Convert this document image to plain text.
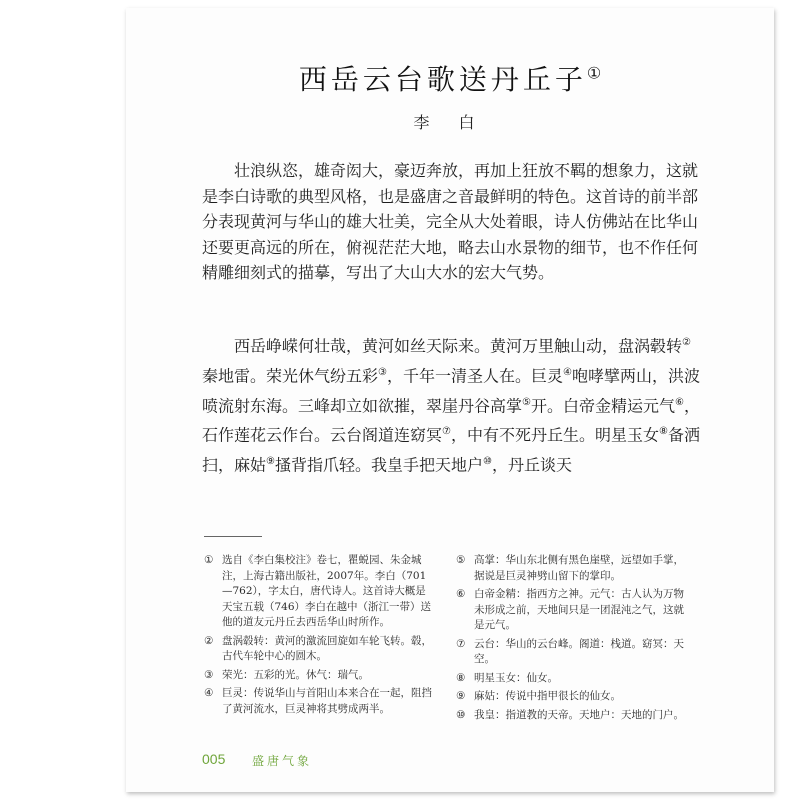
西岳云台歌送丹丘子①
李 白

壮浪纵恣，雄奇闳大，豪迈奔放，再加上狂放不羁的想象力，这就是李白诗歌的典型风格，也是盛唐之音最鲜明的特色。这首诗的前半部分表现黄河与华山的雄大壮美，完全从大处着眼，诗人仿佛站在比华山还要更高远的所在，俯视茫茫大地，略去山水景物的细节，也不作任何精雕细刻式的描摹，写出了大山大水的宏大气势。

西岳峥嵘何壮哉，黄河如丝天际来。黄河万里触山动，盘涡毂转②秦地雷。荣光休气纷五彩③，千年一清圣人在。巨灵④咆哮擘两山，洪波喷流射东海。三峰却立如欲摧，翠崖丹谷高掌⑤开。白帝金精运元气⑥，石作莲花云作台。云台阁道连窈冥⑦，中有不死丹丘生。明星玉女⑧备洒扫，麻姑⑨搔背指爪轻。我皇手把天地户⑩，丹丘谈天

① 选自《李白集校注》卷七，瞿蜕园、朱金城注，上海古籍出版社，2007年。李白（701—762），字太白，唐代诗人。这首诗大概是天宝五载（746）李白在越中（浙江一带）送他的道友元丹丘去西岳华山时所作。
② 盘涡毂转：黄河的激流回旋如车轮飞转。毂，古代车轮中心的圆木。
③ 荣光：五彩的光。休气：瑞气。
④ 巨灵：传说华山与首阳山本来合在一起，阻挡了黄河流水，巨灵神将其劈成两半。
⑤ 高掌：华山东北侧有黑色崖壁，远望如手掌，据说是巨灵神劈山留下的掌印。
⑥ 白帝金精：指西方之神。元气：古人认为万物未形成之前，天地间只是一团混沌之气，这就是元气。
⑦ 云台：华山的云台峰。阁道：栈道。窈冥：天空。
⑧ 明星玉女：仙女。
⑨ 麻姑：传说中指甲很长的仙女。
⑩ 我皇：指道教的天帝。天地户：天地的门户。
005 盛唐气象
